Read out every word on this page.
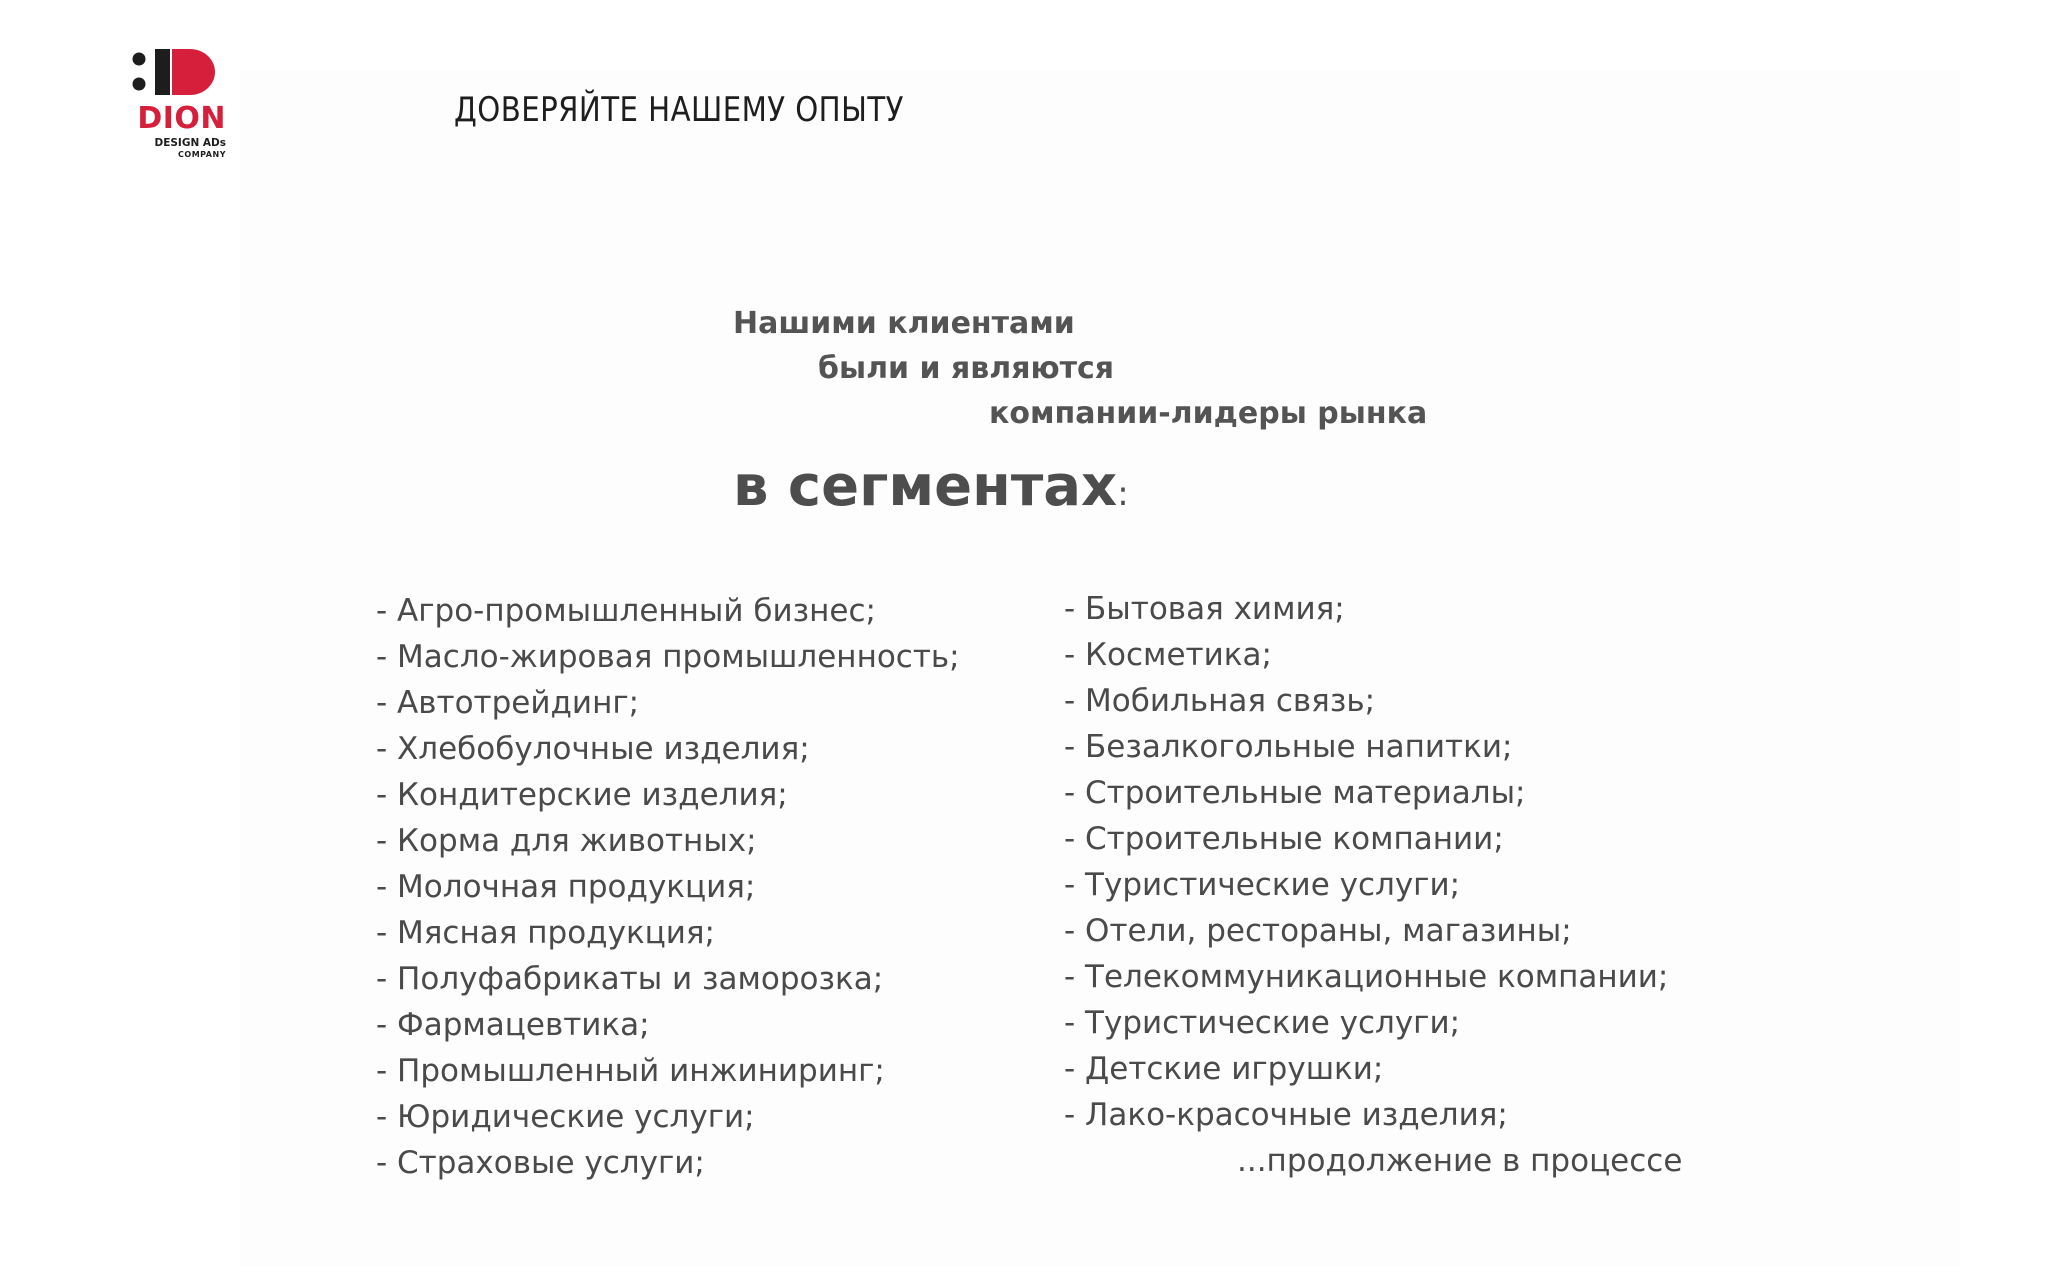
DION
DESIGN ADs
COMPANY
ДОВЕРЯЙТЕ НАШЕМУ ОПЫТУ
Нашими клиентами
были и являются
компании-лидеры рынка
в сегментах:
- Агро-промышленный бизнес;
- Масло-жировая промышленность;
- Автотрейдинг;
- Хлебобулочные изделия;
- Кондитерские изделия;
- Корма для животных;
- Молочная продукция;
- Мясная продукция;
- Полуфабрикаты и заморозка;
- Фармацевтика;
- Промышленный инжиниринг;
- Юридические услуги;
- Страховые услуги;
- Бытовая химия;
- Косметика;
- Мобильная связь;
- Безалкогольные напитки;
- Строительные материалы;
- Строительные компании;
- Туристические услуги;
- Отели, рестораны, магазины;
- Телекоммуникационные компании;
- Туристические услуги;
- Детские игрушки;
- Лако-красочные изделия;
...продолжение в процессе
